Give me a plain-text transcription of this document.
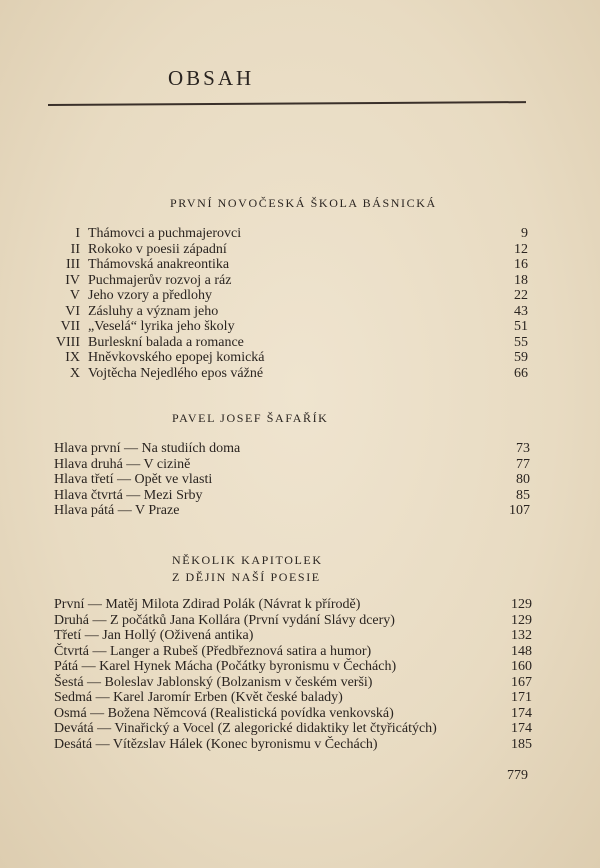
OBSAH
PRVNÍ NOVOČESKÁ ŠKOLA BÁSNICKÁ
I Thámovci a puchmajerovci	9
II Rokoko v poesii západní	12
III Thámovská anakreontika	16
IV Puchmajerův rozvoj a ráz	18
V Jeho vzory a předlohy	22
VI Zásluhy a význam jeho	43
VII „Veselá“ lyrika jeho školy	51
VIII Burleskní balada a romance	55
IX Hněvkovského epopej komická	59
X Vojtěcha Nejedlého epos vážné	66
PAVEL JOSEF ŠAFAŘÍK
Hlava první — Na studiích doma	73
Hlava druhá — V cizině	77
Hlava třetí — Opět ve vlasti	80
Hlava čtvrtá — Mezi Srby	85
Hlava pátá — V Praze	107
NĚKOLIK KAPITOLEK
Z DĚJIN NAŠÍ POESIE
První — Matěj Milota Zdirad Polák (Návrat k přírodě)	129
Druhá — Z počátků Jana Kollára (První vydání Slávy dcery)	129
Třetí — Jan Hollý (Oživená antika)	132
Čtvrtá — Langer a Rubeš (Předbřeznová satira a humor)	148
Pátá — Karel Hynek Mácha (Počátky byronismu v Čechách)	160
Šestá — Boleslav Jablonský (Bolzanism v českém verši)	167
Sedmá — Karel Jaromír Erben (Květ české balady)	171
Osmá — Božena Němcová (Realistická povídka venkovská)	174
Devátá — Vinařický a Vocel (Z alegorické didaktiky let čtyřicátých)	174
Desátá — Vítězslav Hálek (Konec byronismu v Čechách)	185
779
